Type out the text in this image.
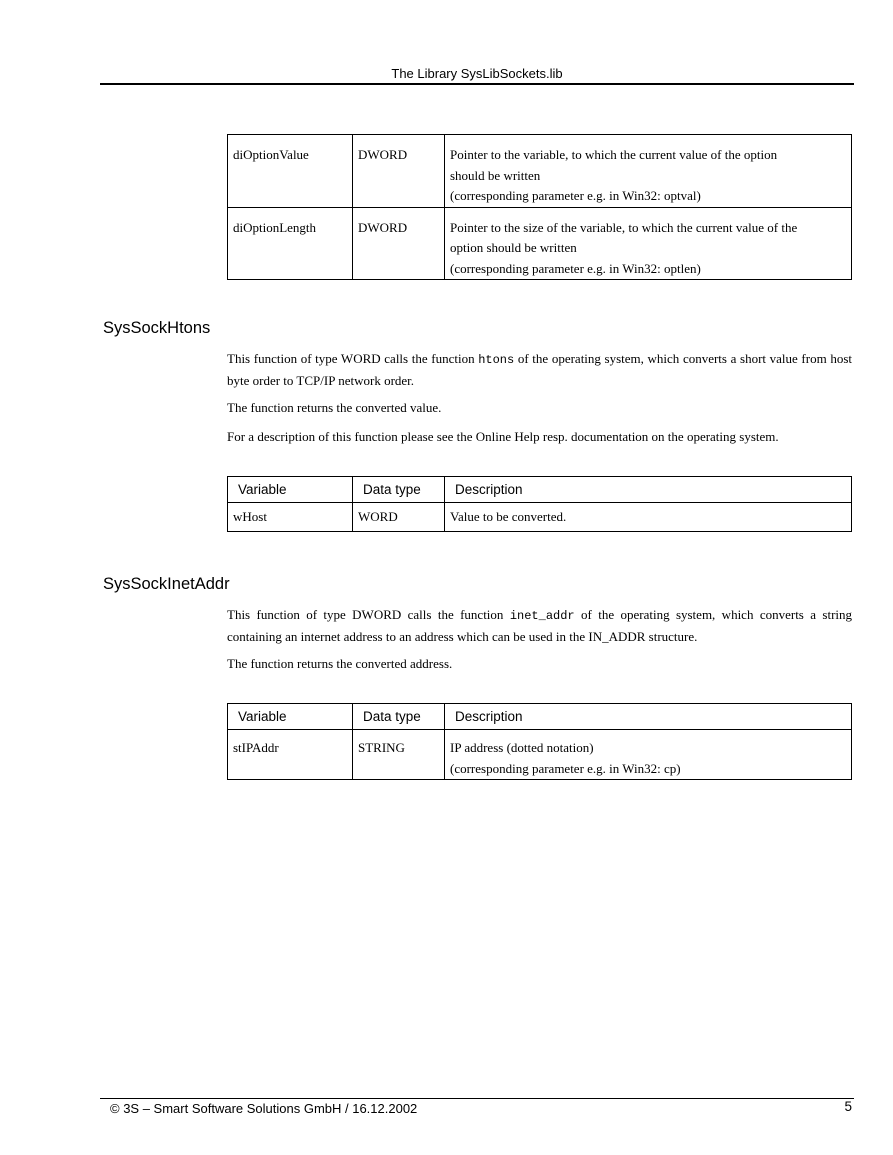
The Library SysLibSockets.lib
diOptionValue	DWORD	Pointer to the variable, to which the current value of the option
should be written
(corresponding parameter e.g. in Win32: optval)

diOptionLength	DWORD	Pointer to the size of the variable, to which the current value of the
option should be written
(corresponding parameter e.g. in Win32: optlen)
SysSockHtons

This function of type WORD calls the function htons of the operating system, which converts a short value from host byte order to TCP/IP network order.

The function returns the converted value.

For a description of this function please see the Online Help resp. documentation on the operating system.

Variable	Data type	Description
wHost	WORD	Value to be converted.
SysSockInetAddr

This function of type DWORD calls the function inet_addr of the operating system, which converts a string containing an internet address to an address which can be used in the IN_ADDR structure.

The function returns the converted address.

Variable	Data type	Description
stIPAddr	STRING	IP address (dotted notation)
(corresponding parameter e.g. in Win32: cp)
© 3S – Smart Software Solutions GmbH / 16.12.2002	5
